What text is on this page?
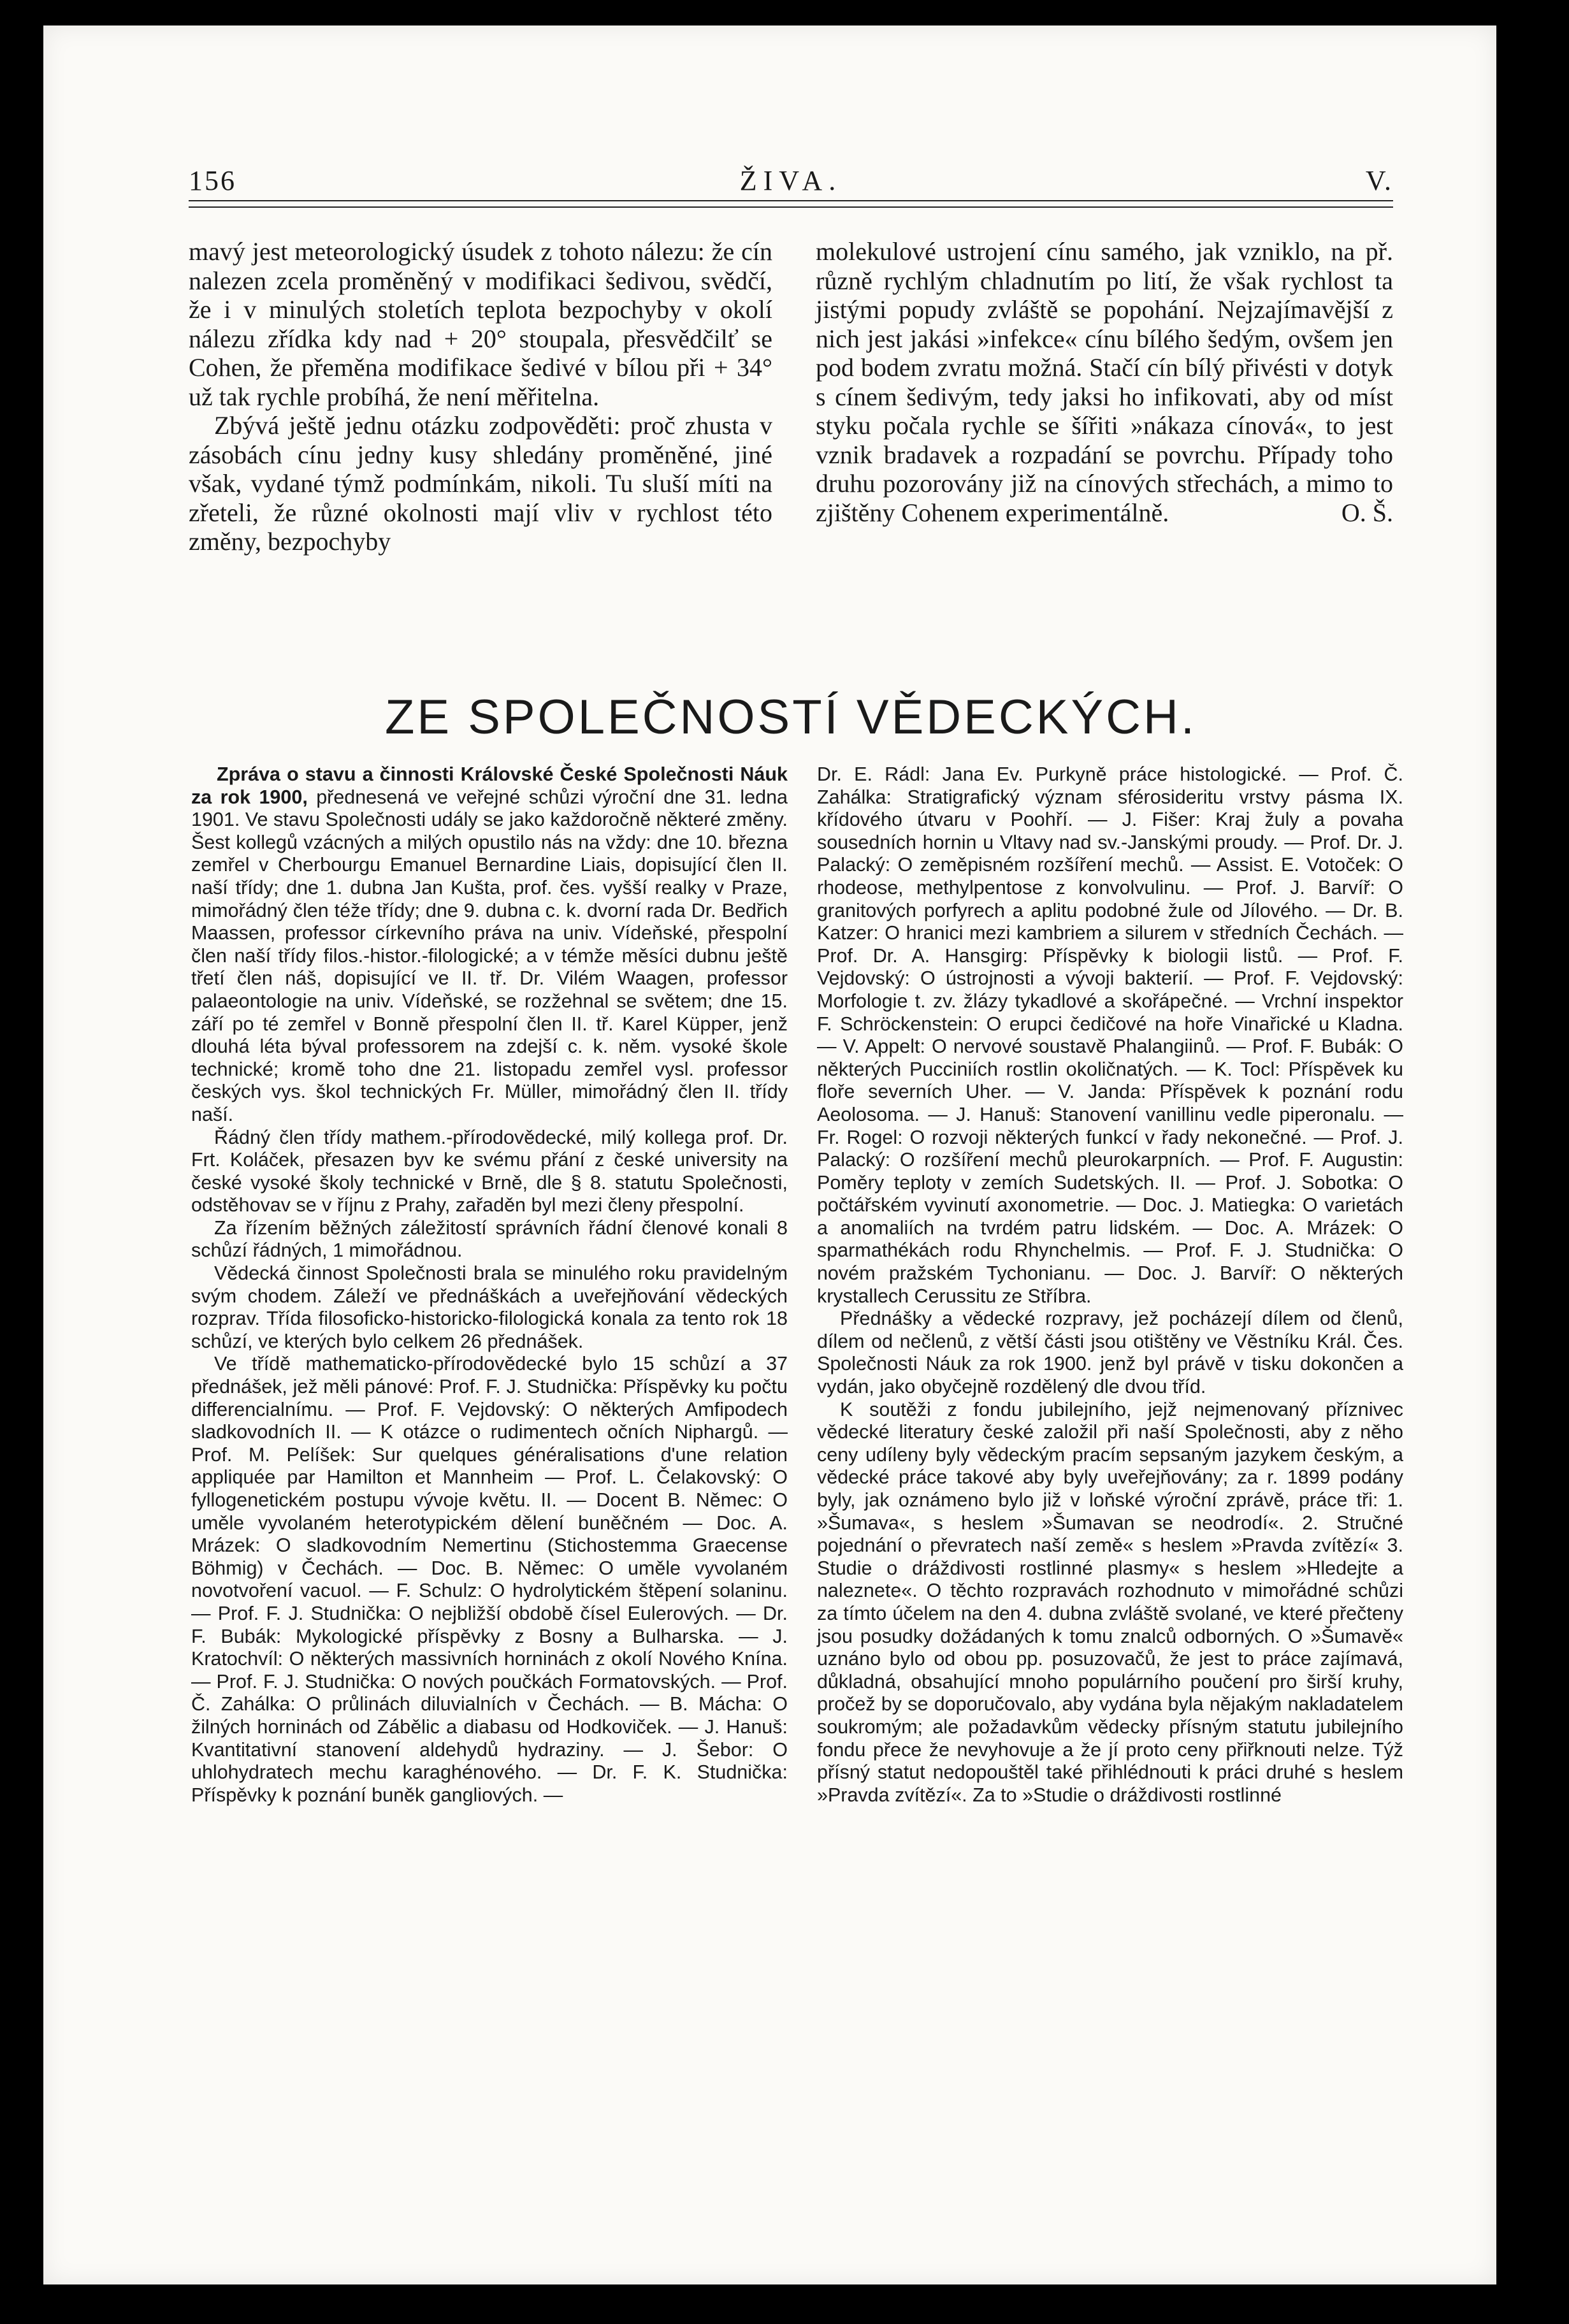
156	ŽIVA.	V.

mavý jest meteorologický úsudek z tohoto nálezu: že cín nalezen zcela proměněný v modifikaci šedivou, svědčí, že i v minulých stoletích teplota bezpochyby v okolí nálezu zřídka kdy nad + 20° stoupala, přesvědčilť se Cohen, že přeměna modifikace šedivé v bílou při + 34° už tak rychle probíhá, že není měřitelna.

Zbývá ještě jednu otázku zodpověděti: proč zhusta v zásobách cínu jedny kusy shledány proměněné, jiné však, vydané týmž podmínkám, nikoli. Tu sluší míti na zřeteli, že různé okolnosti mají vliv v rychlost této změny, bezpochyby

molekulové ustrojení cínu samého, jak vzniklo, na př. různě rychlým chladnutím po lití, že však rychlost ta jistými popudy zvláště se popohání. Nejzajímavější z nich jest jakási »infekce« cínu bílého šedým, ovšem jen pod bodem zvratu možná. Stačí cín bílý přivésti v dotyk s cínem šedivým, tedy jaksi ho infikovati, aby od míst styku počala rychle se šířiti »nákaza cínová«, to jest vznik bradavek a rozpadání se povrchu. Případy toho druhu pozorovány již na cínových střechách, a mimo to zjištěny Cohenem experimentálně.	O. Š.
ZE SPOLEČNOSTÍ VĚDECKÝCH.

Zpráva o stavu a činnosti Královské České Společnosti Náuk za rok 1900, přednesená ve veřejné schůzi výroční dne 31. ledna 1901. Ve stavu Společnosti udály se jako každoročně některé změny. Šest kollegů vzácných a milých opustilo nás na vždy: dne 10. března zemřel v Cherbourgu Emanuel Bernardine Liais, dopisující člen II. naší třídy; dne 1. dubna Jan Kušta, prof. čes. vyšší realky v Praze, mimořádný člen téže třídy; dne 9. dubna c. k. dvorní rada Dr. Bedřich Maassen, professor církevního práva na univ. Vídeňské, přespolní člen naší třídy filos.-histor.-filologické; a v témže měsíci dubnu ještě třetí člen náš, dopisující ve II. tř. Dr. Vilém Waagen, professor palaeontologie na univ. Vídeňské, se rozžehnal se světem; dne 15. září po té zemřel v Bonně přespolní člen II. tř. Karel Küpper, jenž dlouhá léta býval professorem na zdejší c. k. něm. vysoké škole technické; kromě toho dne 21. listopadu zemřel vysl. professor českých vys. škol technických Fr. Müller, mimořádný člen II. třídy naší.

Řádný člen třídy mathem.-přírodovědecké, milý kollega prof. Dr. Frt. Koláček, přesazen byv ke svému přání z české university na české vysoké školy technické v Brně, dle § 8. statutu Společnosti, odstěhovav se v říjnu z Prahy, zařaděn byl mezi členy přespolní.

Za řízením běžných záležitostí správních řádní členové konali 8 schůzí řádných, 1 mimořádnou.

Vědecká činnost Společnosti brala se minulého roku pravidelným svým chodem. Záleží ve přednáškách a uveřejňování vědeckých rozprav. Třída filosoficko-historicko-filologická konala za tento rok 18 schůzí, ve kterých bylo celkem 26 přednášek.

Ve třídě mathematicko-přírodovědecké bylo 15 schůzí a 37 přednášek, jež měli pánové: Prof. F. J. Studnička: Příspěvky ku počtu differencialnímu. — Prof. F. Vejdovský: O některých Amfipodech sladkovodních II. — K otázce o rudimentech očních Niphargů. — Prof. M. Pelíšek: Sur quelques généralisations d'une relation appliquée par Hamilton et Mannheim — Prof. L. Čelakovský: O fyllogenetickém postupu vývoje květu. II. — Docent B. Němec: O uměle vyvolaném heterotypickém dělení buněčném — Doc. A. Mrázek: O sladkovodním Nemertinu (Stichostemma Graecense Böhmig) v Čechách. — Doc. B. Němec: O uměle vyvolaném novotvoření vacuol. — F. Schulz: O hydrolytickém štěpení solaninu. — Prof. F. J. Studnička: O nejbližší obdobě čísel Eulerových. — Dr. F. Bubák: Mykologické příspěvky z Bosny a Bulharska. — J. Kratochvíl: O některých massivních horninách z okolí Nového Knína. — Prof. F. J. Studnička: O nových poučkách Formatovských. — Prof. Č. Zahálka: O průlinách diluvialních v Čechách. — B. Mácha: O žilných horninách od Zábělic a diabasu od Hodkoviček. — J. Hanuš: Kvantitativní stanovení aldehydů hydraziny. — J. Šebor: O uhlohydratech mechu karaghénového. — Dr. F. K. Studnička: Příspěvky k poznání buněk gangliových. —

Dr. E. Rádl: Jana Ev. Purkyně práce histologické. — Prof. Č. Zahálka: Stratigrafický význam sférosideritu vrstvy pásma IX. křídového útvaru v Poohří. — J. Fišer: Kraj žuly a povaha sousedních hornin u Vltavy nad sv.-Janskými proudy. — Prof. Dr. J. Palacký: O zeměpisném rozšíření mechů. — Assist. E. Votoček: O rhodeose, methylpentose z konvolvulinu. — Prof. J. Barvíř: O granitových porfyrech a aplitu podobné žule od Jílového. — Dr. B. Katzer: O hranici mezi kambriem a silurem v středních Čechách. — Prof. Dr. A. Hansgirg: Příspěvky k biologii listů. — Prof. F. Vejdovský: O ústrojnosti a vývoji bakterií. — Prof. F. Vejdovský: Morfologie t. zv. žlázy tykadlové a skořápečné. — Vrchní inspektor F. Schröckenstein: O erupci čedičové na hoře Vinařické u Kladna. — V. Appelt: O nervové soustavě Phalangiinů. — Prof. F. Bubák: O některých Pucciniích rostlin okoličnatých. — K. Tocl: Příspěvek ku floře severních Uher. — V. Janda: Příspěvek k poznání rodu Aeolosoma. — J. Hanuš: Stanovení vanillinu vedle piperonalu. — Fr. Rogel: O rozvoji některých funkcí v řady nekonečné. — Prof. J. Palacký: O rozšíření mechů pleurokarpních. — Prof. F. Augustin: Poměry teploty v zemích Sudetských. II. — Prof. J. Sobotka: O počtářském vyvinutí axonometrie. — Doc. J. Matiegka: O varietách a anomaliích na tvrdém patru lidském. — Doc. A. Mrázek: O sparmathékách rodu Rhynchelmis. — Prof. F. J. Studnička: O novém pražském Tychonianu. — Doc. J. Barvíř: O některých krystallech Cerussitu ze Stříbra.

Přednášky a vědecké rozpravy, jež pocházejí dílem od členů, dílem od nečlenů, z větší části jsou otištěny ve Věstníku Král. Čes. Společnosti Náuk za rok 1900. jenž byl právě v tisku dokončen a vydán, jako obyčejně rozdělený dle dvou tříd.

K soutěži z fondu jubilejního, jejž nejmenovaný příznivec vědecké literatury české založil při naší Společnosti, aby z něho ceny udíleny byly vědeckým pracím sepsaným jazykem českým, a vědecké práce takové aby byly uveřejňovány; za r. 1899 podány byly, jak oznámeno bylo již v loňské výroční zprávě, práce tři: 1. »Šumava«, s heslem »Šumavan se neodrodí«. 2. Stručné pojednání o převratech naší země« s heslem »Pravda zvítězí« 3. Studie o dráždivosti rostlinné plasmy« s heslem »Hledejte a naleznete«. O těchto rozpravách rozhodnuto v mimořádné schůzi za tímto účelem na den 4. dubna zvláště svolané, ve které přečteny jsou posudky dožádaných k tomu znalců odborných. O »Šumavě« uznáno bylo od obou pp. posuzovačů, že jest to práce zajímavá, důkladná, obsahující mnoho populárního poučení pro širší kruhy, pročež by se doporučovalo, aby vydána byla nějakým nakladatelem soukromým; ale požadavkům vědecky přísným statutu jubilejního fondu přece že nevyhovuje a že jí proto ceny přiřknouti nelze. Týž přísný statut nedopouštěl také přihlédnouti k práci druhé s heslem »Pravda zvítězí«. Za to »Studie o dráždivosti rostlinné
